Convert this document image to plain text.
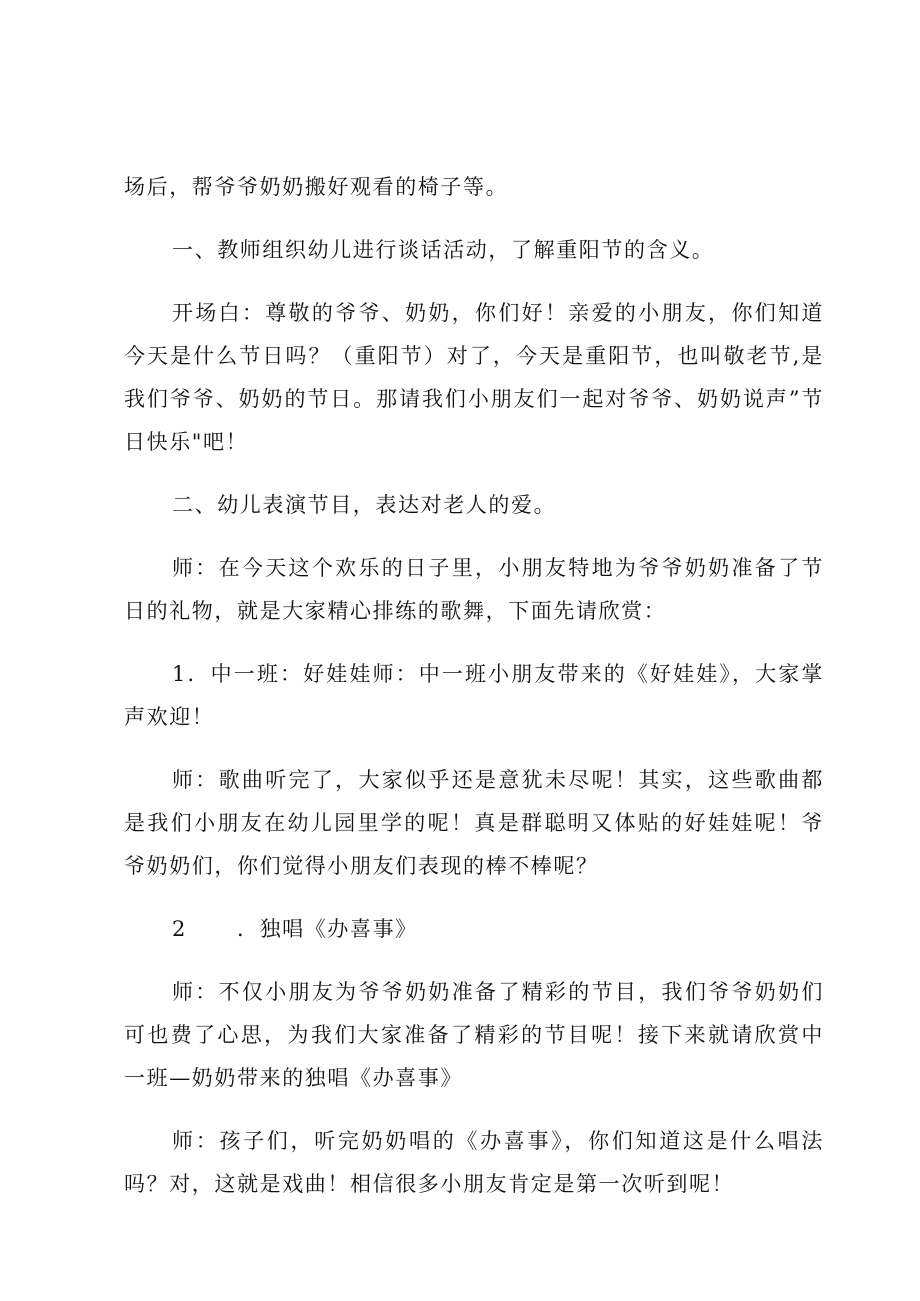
场后，帮爷爷奶奶搬好观看的椅子等。

一、教师组织幼儿进行谈话活动，了解重阳节的含义。

开场白：尊敬的爷爷、奶奶，你们好！亲爱的小朋友，你们知道今天是什么节日吗？（重阳节）对了，今天是重阳节，也叫敬老节,是我们爷爷、奶奶的节日。那请我们小朋友们一起对爷爷、奶奶说声”节日快乐"吧！

二、幼儿表演节目，表达对老人的爱。

师：在今天这个欢乐的日子里，小朋友特地为爷爷奶奶准备了节日的礼物，就是大家精心排练的歌舞，下面先请欣赏：

1．中一班：好娃娃师：中一班小朋友带来的《好娃娃》，大家掌声欢迎！

师：歌曲听完了，大家似乎还是意犹未尽呢！其实，这些歌曲都是我们小朋友在幼儿园里学的呢！真是群聪明又体贴的好娃娃呢！爷爷奶奶们，你们觉得小朋友们表现的棒不棒呢？

2 ．独唱《办喜事》

师：不仅小朋友为爷爷奶奶准备了精彩的节目，我们爷爷奶奶们可也费了心思，为我们大家准备了精彩的节目呢！接下来就请欣赏中一班—奶奶带来的独唱《办喜事》

师：孩子们，听完奶奶唱的《办喜事》，你们知道这是什么唱法吗？对，这就是戏曲！相信很多小朋友肯定是第一次听到呢！
